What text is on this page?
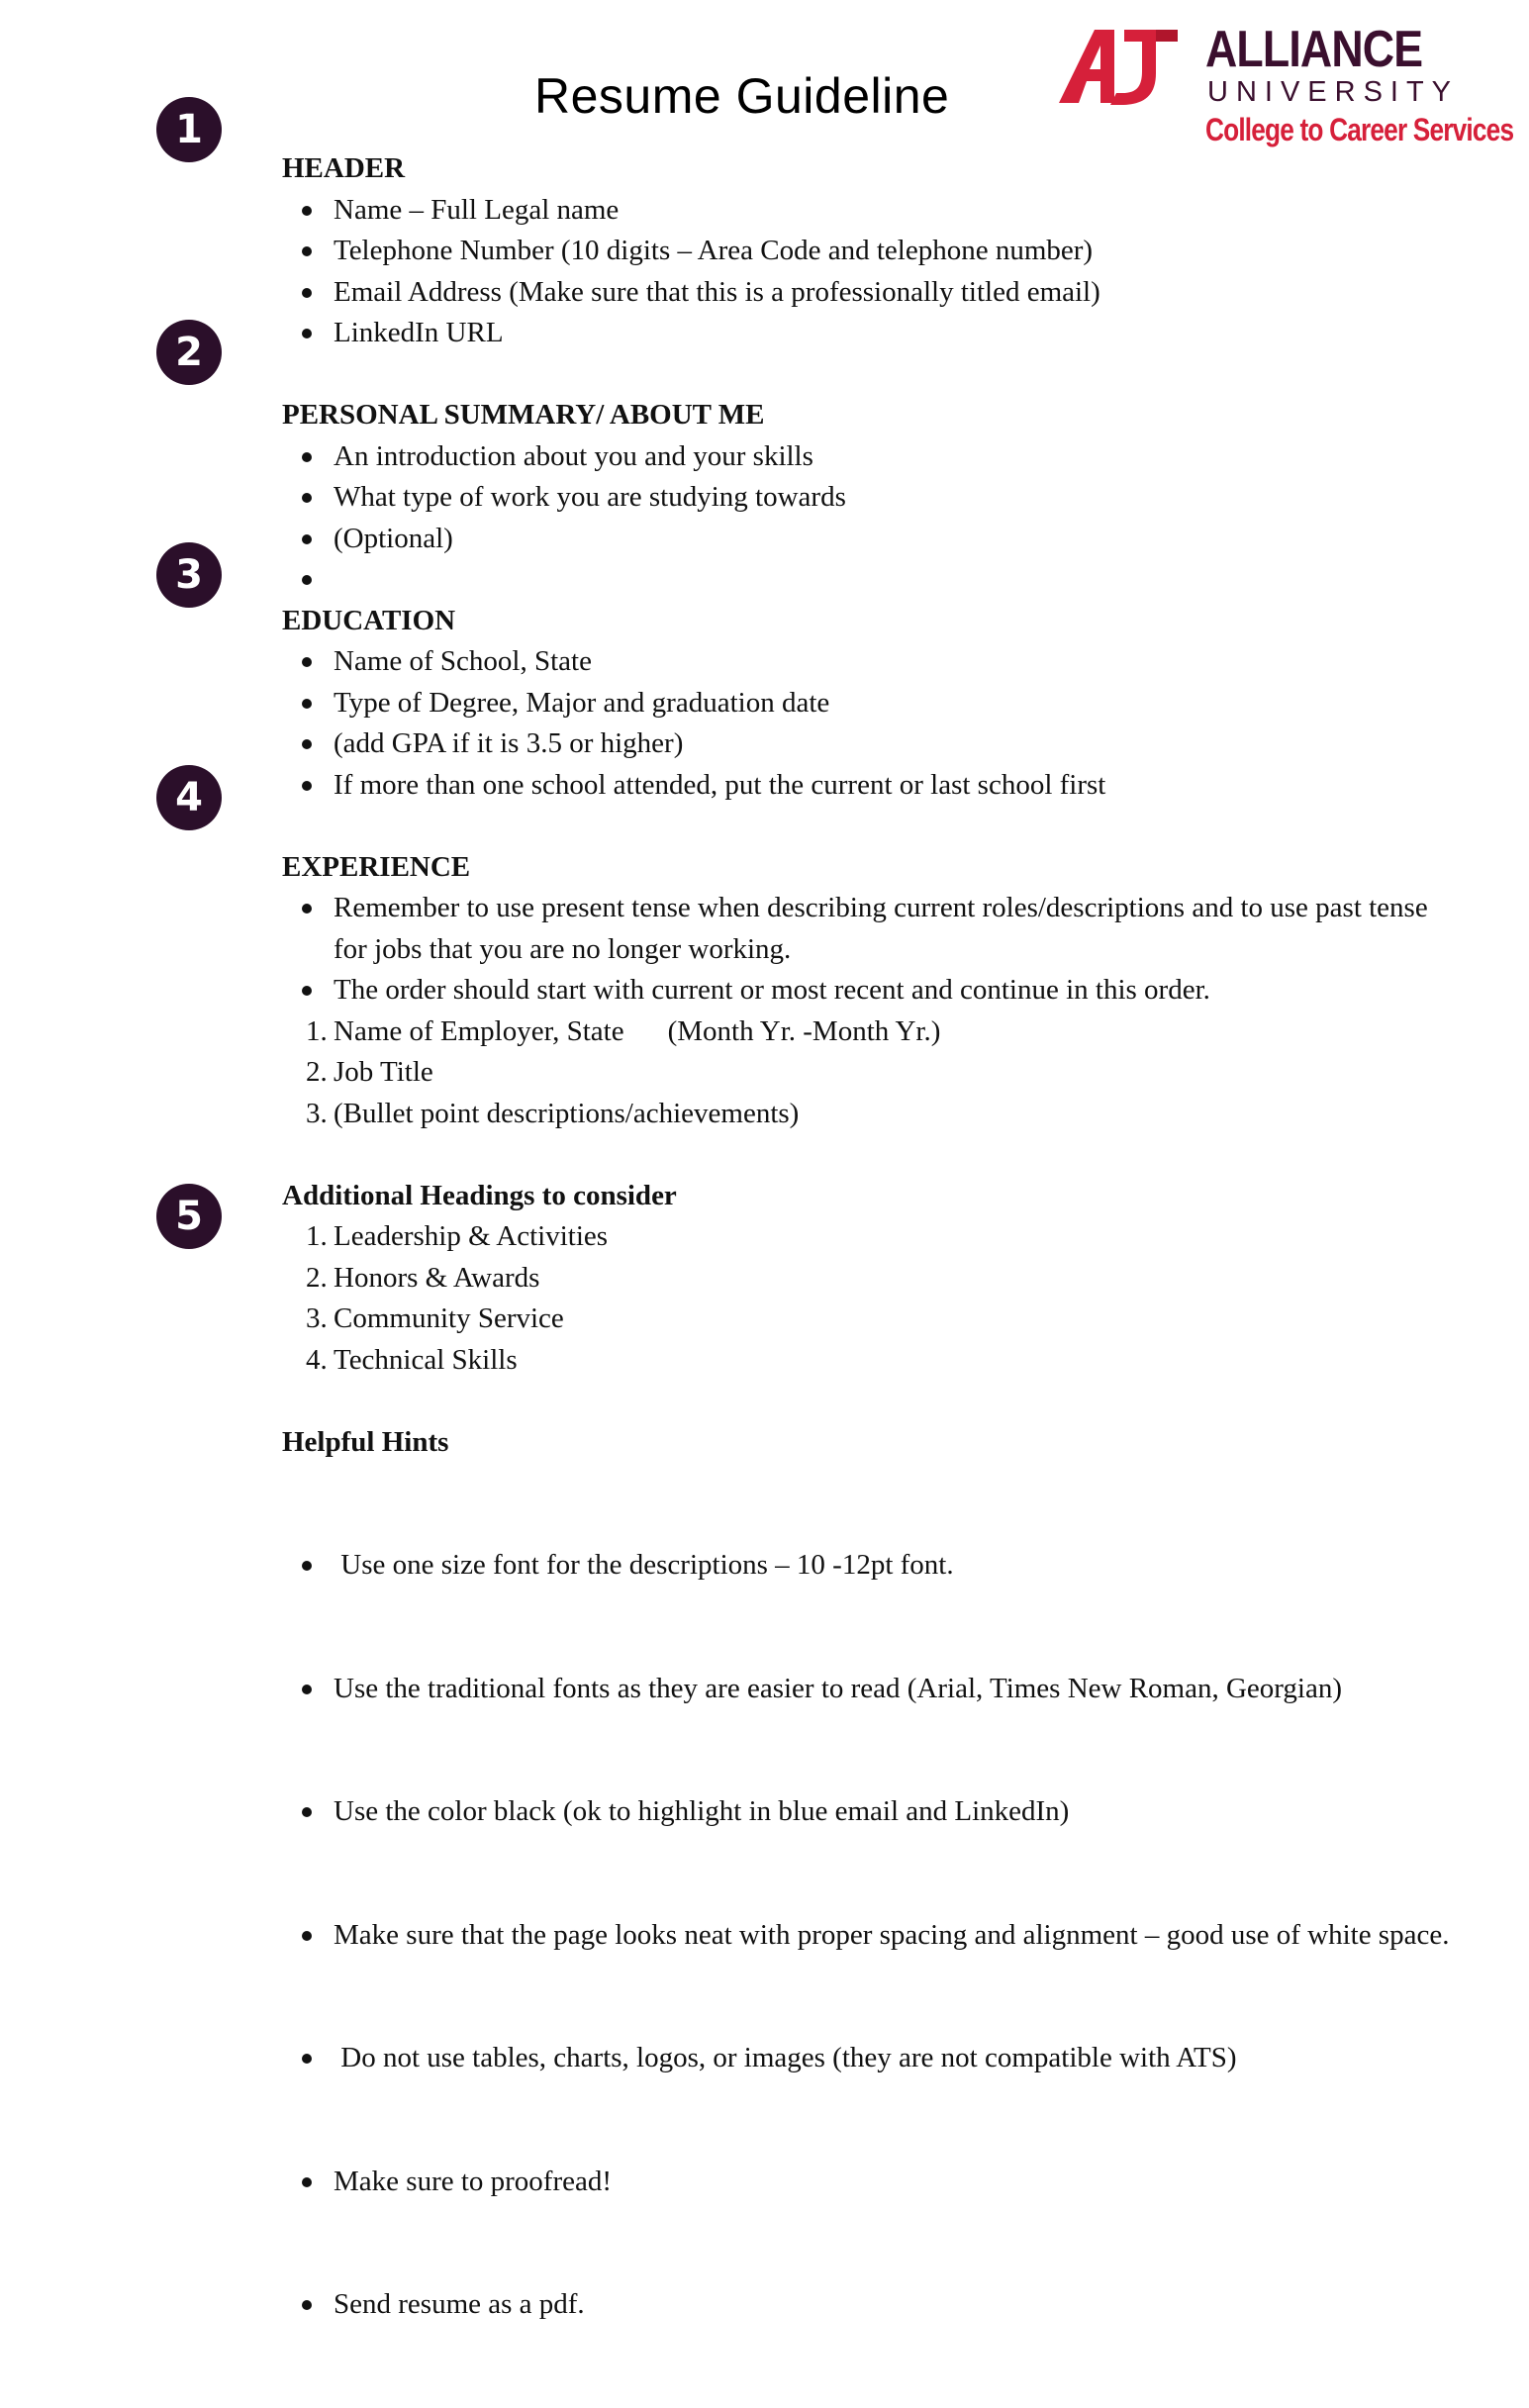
Resume Guideline
ALLIANCE
UNIVERSITY
College to Career Services
1
2
3
4
5
HEADER
Name – Full Legal name
Telephone Number (10 digits – Area Code and telephone number)
Email Address (Make sure that this is a professionally titled email)
LinkedIn URL
PERSONAL SUMMARY/ ABOUT ME
An introduction about you and your skills
What type of work you are studying towards
(Optional)
EDUCATION
Name of School, State
Type of Degree, Major and graduation date
(add GPA if it is 3.5 or higher)
If more than one school attended, put the current or last school first
EXPERIENCE
Remember to use present tense when describing current roles/descriptions and to use past tense for jobs that you are no longer working.
The order should start with current or most recent and continue in this order.
1. Name of Employer, State (Month Yr. -Month Yr.)
2. Job Title
3. (Bullet point descriptions/achievements)
Additional Headings to consider
1. Leadership & Activities
2. Honors & Awards
3. Community Service
4. Technical Skills
Helpful Hints

Use one size font for the descriptions – 10 -12pt font.

Use the traditional fonts as they are easier to read (Arial, Times New Roman, Georgian)

Use the color black (ok to highlight in blue email and LinkedIn)

Make sure that the page looks neat with proper spacing and alignment – good use of white space.

Do not use tables, charts, logos, or images (they are not compatible with ATS)

Make sure to proofread!

Send resume as a pdf.
